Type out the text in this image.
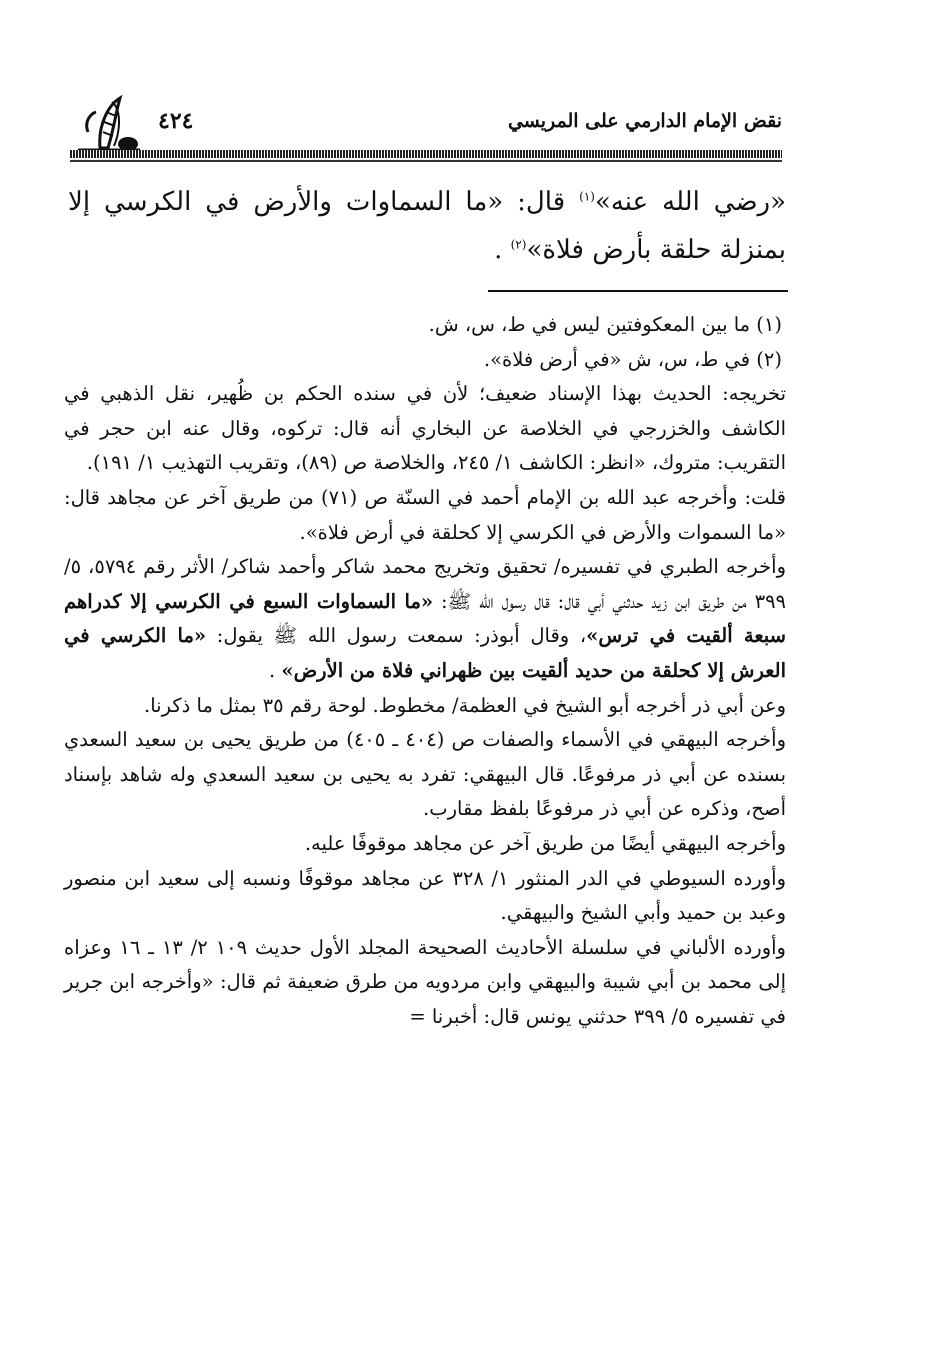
٤٢٤	نقض الإمام الدارمي على المريسي

«رضي الله عنه»$^{(١)}$ قال: «ما السماوات والأرض في الكرسي إلا بمنزلة حلقة بأرض فلاة»$^{(٢)}$ .

(١) ما بين المعكوفتين ليس في ط، س، ش.

(٢) في ط، س، ش «في أرض فلاة».

تخريجه: الحديث بهذا الإسناد ضعيف؛ لأن في سنده الحكم بن ظُهير، نقل الذهبي في الكاشف والخزرجي في الخلاصة عن البخاري أنه قال: تركوه، وقال عنه ابن حجر في التقريب: متروك، «انظر: الكاشف ١/ ٢٤٥، والخلاصة ص (٨٩)، وتقريب التهذيب ١/ ١٩١).

قلت: وأخرجه عبد الله بن الإمام أحمد في السنّة ص (٧١) من طريق آخر عن مجاهد قال: «ما السموات والأرض في الكرسي إلا كحلقة في أرض فلاة».

وأخرجه الطبري في تفسيره/ تحقيق وتخريج محمد شاكر وأحمد شاكر/ الأثر رقم ٥٧٩٤، ٥/ ٣٩٩ من طريق ابن زيد حدثني أبي قال: قال رسول الله ﷺ: «ما السماوات السبع في الكرسي إلا كدراهم سبعة ألقيت في ترس»، وقال أبوذر: سمعت رسول الله ﷺ يقول: «ما الكرسي في العرش إلا كحلقة من حديد ألقيت بين ظهراني فلاة من الأرض» .

وعن أبي ذر أخرجه أبو الشيخ في العظمة/ مخطوط. لوحة رقم ٣٥ بمثل ما ذكرنا.

وأخرجه البيهقي في الأسماء والصفات ص (٤٠٤ ـ ٤٠٥) من طريق يحيى بن سعيد السعدي بسنده عن أبي ذر مرفوعًا. قال البيهقي: تفرد به يحيى بن سعيد السعدي وله شاهد بإسناد أصح، وذكره عن أبي ذر مرفوعًا بلفظ مقارب.

وأخرجه البيهقي أيضًا من طريق آخر عن مجاهد موقوفًا عليه.

وأورده السيوطي في الدر المنثور ١/ ٣٢٨ عن مجاهد موقوفًا ونسبه إلى سعيد ابن منصور وعبد بن حميد وأبي الشيخ والبيهقي.

وأورده الألباني في سلسلة الأحاديث الصحيحة المجلد الأول حديث ١٠٩ ٢/ ١٣ ـ ١٦ وعزاه إلى محمد بن أبي شيبة والبيهقي وابن مردويه من طرق ضعيفة ثم قال: «وأخرجه ابن جرير في تفسيره ٥/ ٣٩٩ حدثني يونس قال: أخبرنا =
